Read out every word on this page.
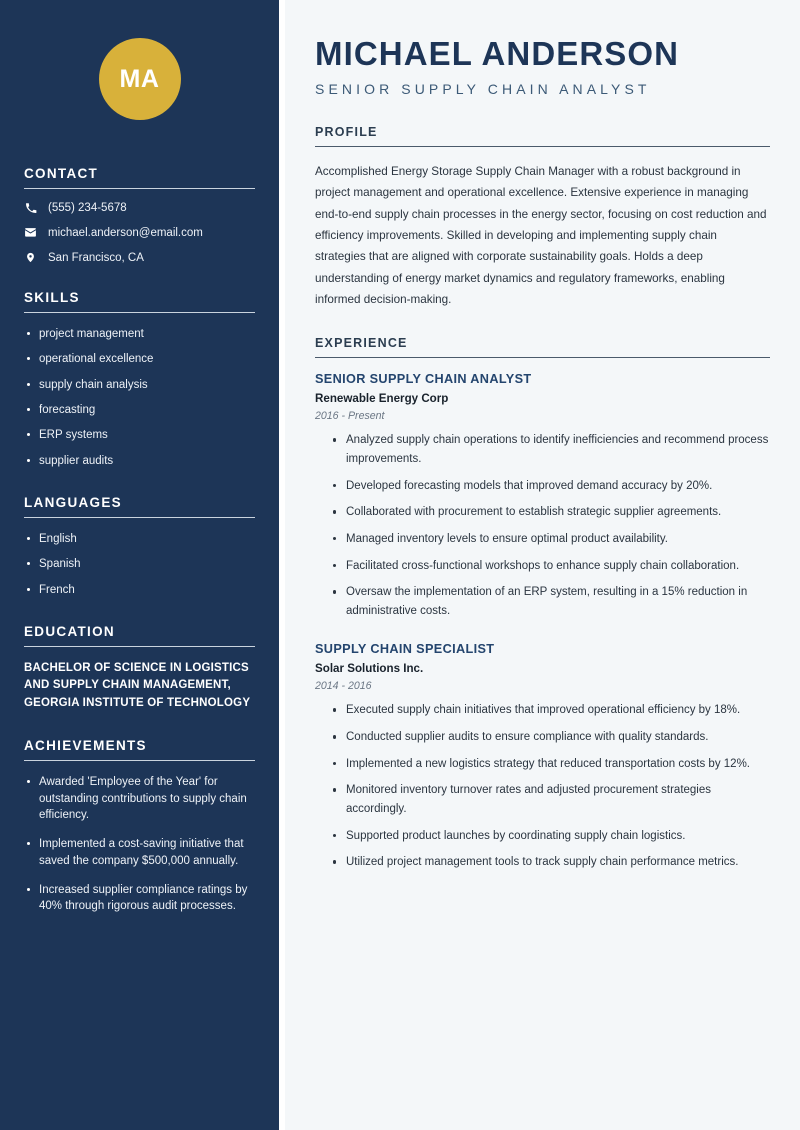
MA
CONTACT
(555) 234-5678
michael.anderson@email.com
San Francisco, CA
SKILLS
project management
operational excellence
supply chain analysis
forecasting
ERP systems
supplier audits
LANGUAGES
English
Spanish
French
EDUCATION
BACHELOR OF SCIENCE IN LOGISTICS AND SUPPLY CHAIN MANAGEMENT, GEORGIA INSTITUTE OF TECHNOLOGY
ACHIEVEMENTS
Awarded 'Employee of the Year' for outstanding contributions to supply chain efficiency.
Implemented a cost-saving initiative that saved the company $500,000 annually.
Increased supplier compliance ratings by 40% through rigorous audit processes.
MICHAEL ANDERSON
SENIOR SUPPLY CHAIN ANALYST
PROFILE

Accomplished Energy Storage Supply Chain Manager with a robust background in project management and operational excellence. Extensive experience in managing end-to-end supply chain processes in the energy sector, focusing on cost reduction and efficiency improvements. Skilled in developing and implementing supply chain strategies that are aligned with corporate sustainability goals. Holds a deep understanding of energy market dynamics and regulatory frameworks, enabling informed decision-making.

EXPERIENCE
SENIOR SUPPLY CHAIN ANALYST
Renewable Energy Corp
2016 - Present
Analyzed supply chain operations to identify inefficiencies and recommend process improvements.
Developed forecasting models that improved demand accuracy by 20%.
Collaborated with procurement to establish strategic supplier agreements.
Managed inventory levels to ensure optimal product availability.
Facilitated cross-functional workshops to enhance supply chain collaboration.
Oversaw the implementation of an ERP system, resulting in a 15% reduction in administrative costs.
SUPPLY CHAIN SPECIALIST
Solar Solutions Inc.
2014 - 2016
Executed supply chain initiatives that improved operational efficiency by 18%.
Conducted supplier audits to ensure compliance with quality standards.
Implemented a new logistics strategy that reduced transportation costs by 12%.
Monitored inventory turnover rates and adjusted procurement strategies accordingly.
Supported product launches by coordinating supply chain logistics.
Utilized project management tools to track supply chain performance metrics.
